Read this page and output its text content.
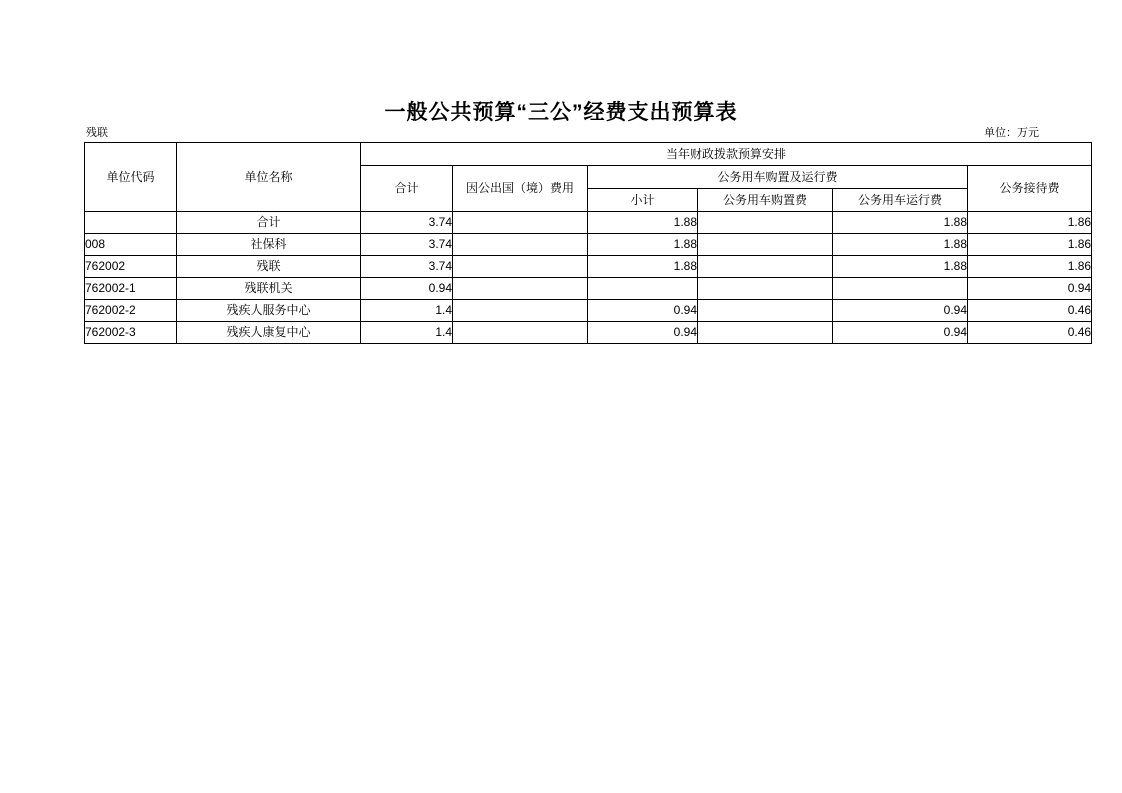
一般公共预算“三公”经费支出预算表
残联	单位：万元
单位代码	单位名称	当年财政拨款预算安排					
		合计	因公出国（境）费用	公务用车购置及运行费			公务接待费
				小计	公务用车购置费	公务用车运行费	
	合计	3.74		1.88		1.88	1.86
008	社保科	3.74		1.88		1.88	1.86
762002	残联	3.74		1.88		1.88	1.86
762002-1	残联机关	0.94					0.94
762002-2	残疾人服务中心	1.4		0.94		0.94	0.46
762002-3	残疾人康复中心	1.4		0.94		0.94	0.46
